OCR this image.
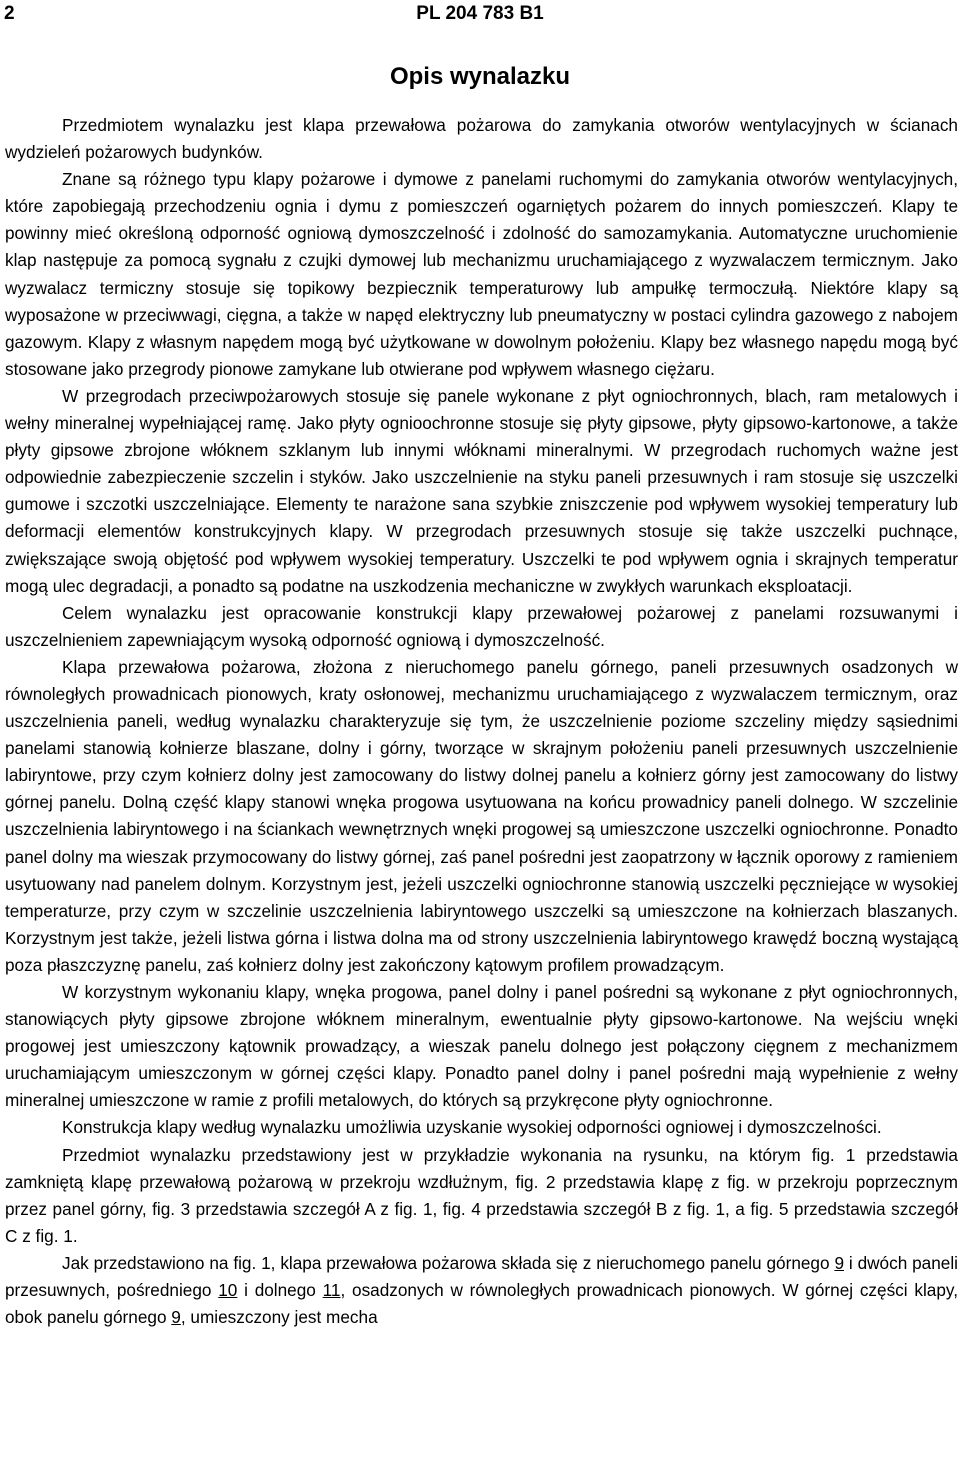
2	PL 204 783 B1
Opis wynalazku

Przedmiotem wynalazku jest klapa przewałowa pożarowa do zamykania otworów wentylacyjnych w ścianach wydzieleń pożarowych budynków.

Znane są różnego typu klapy pożarowe i dymowe z panelami ruchomymi do zamykania otworów wentylacyjnych, które zapobiegają przechodzeniu ognia i dymu z pomieszczeń ogarniętych pożarem do innych pomieszczeń. Klapy te powinny mieć określoną odporność ogniową dymoszczelność i zdolność do samozamykania. Automatyczne uruchomienie klap następuje za pomocą sygnału z czujki dymowej lub mechanizmu uruchamiającego z wyzwalaczem termicznym. Jako wyzwalacz termiczny stosuje się topikowy bezpiecznik temperaturowy lub ampułkę termoczułą. Niektóre klapy są wyposażone w przeciwwagi, cięgna, a także w napęd elektryczny lub pneumatyczny w postaci cylindra gazowego z nabojem gazowym. Klapy z własnym napędem mogą być użytkowane w dowolnym położeniu. Klapy bez własnego napędu mogą być stosowane jako przegrody pionowe zamykane lub otwierane pod wpływem własnego ciężaru.

W przegrodach przeciwpożarowych stosuje się panele wykonane z płyt ogniochronnych, blach, ram metalowych i wełny mineralnej wypełniającej ramę. Jako płyty ognioochronne stosuje się płyty gipsowe, płyty gipsowo-kartonowe, a także płyty gipsowe zbrojone włóknem szklanym lub innymi włóknami mineralnymi. W przegrodach ruchomych ważne jest odpowiednie zabezpieczenie szczelin i styków. Jako uszczelnienie na styku paneli przesuwnych i ram stosuje się uszczelki gumowe i szczotki uszczelniające. Elementy te narażone sana szybkie zniszczenie pod wpływem wysokiej temperatury lub deformacji elementów konstrukcyjnych klapy. W przegrodach przesuwnych stosuje się także uszczelki puchnące, zwiększające swoją objętość pod wpływem wysokiej temperatury. Uszczelki te pod wpływem ognia i skrajnych temperatur mogą ulec degradacji, a ponadto są podatne na uszkodzenia mechaniczne w zwykłych warunkach eksploatacji.

Celem wynalazku jest opracowanie konstrukcji klapy przewałowej pożarowej z panelami rozsuwanymi i uszczelnieniem zapewniającym wysoką odporność ogniową i dymoszczelność.

Klapa przewałowa pożarowa, złożona z nieruchomego panelu górnego, paneli przesuwnych osadzonych w równoległych prowadnicach pionowych, kraty osłonowej, mechanizmu uruchamiającego z wyzwalaczem termicznym, oraz uszczelnienia paneli, według wynalazku charakteryzuje się tym, że uszczelnienie poziome szczeliny między sąsiednimi panelami stanowią kołnierze blaszane, dolny i górny, tworzące w skrajnym położeniu paneli przesuwnych uszczelnienie labiryntowe, przy czym kołnierz dolny jest zamocowany do listwy dolnej panelu a kołnierz górny jest zamocowany do listwy górnej panelu. Dolną część klapy stanowi wnęka progowa usytuowana na końcu prowadnicy paneli dolnego. W szczelinie uszczelnienia labiryntowego i na ściankach wewnętrznych wnęki progowej są umieszczone uszczelki ogniochronne. Ponadto panel dolny ma wieszak przymocowany do listwy górnej, zaś panel pośredni jest zaopatrzony w łącznik oporowy z ramieniem usytuowany nad panelem dolnym. Korzystnym jest, jeżeli uszczelki ogniochronne stanowią uszczelki pęczniejące w wysokiej temperaturze, przy czym w szczelinie uszczelnienia labiryntowego uszczelki są umieszczone na kołnierzach blaszanych. Korzystnym jest także, jeżeli listwa górna i listwa dolna ma od strony uszczelnienia labiryntowego krawędź boczną wystającą poza płaszczyznę panelu, zaś kołnierz dolny jest zakończony kątowym profilem prowadzącym.

W korzystnym wykonaniu klapy, wnęka progowa, panel dolny i panel pośredni są wykonane z płyt ogniochronnych, stanowiących płyty gipsowe zbrojone włóknem mineralnym, ewentualnie płyty gipsowo-kartonowe. Na wejściu wnęki progowej jest umieszczony kątownik prowadzący, a wieszak panelu dolnego jest połączony cięgnem z mechanizmem uruchamiającym umieszczonym w górnej części klapy. Ponadto panel dolny i panel pośredni mają wypełnienie z wełny mineralnej umieszczone w ramie z profili metalowych, do których są przykręcone płyty ogniochronne.

Konstrukcja klapy według wynalazku umożliwia uzyskanie wysokiej odporności ogniowej i dymoszczelności.

Przedmiot wynalazku przedstawiony jest w przykładzie wykonania na rysunku, na którym fig. 1 przedstawia zamkniętą klapę przewałową pożarową w przekroju wzdłużnym, fig. 2 przedstawia klapę z fig. w przekroju poprzecznym przez panel górny, fig. 3 przedstawia szczegół A z fig. 1, fig. 4 przedstawia szczegół B z fig. 1, a fig. 5 przedstawia szczegół C z fig. 1.

Jak przedstawiono na fig. 1, klapa przewałowa pożarowa składa się z nieruchomego panelu górnego 9 i dwóch paneli przesuwnych, pośredniego 10 i dolnego 11, osadzonych w równoległych prowadnicach pionowych. W górnej części klapy, obok panelu górnego 9, umieszczony jest mecha
